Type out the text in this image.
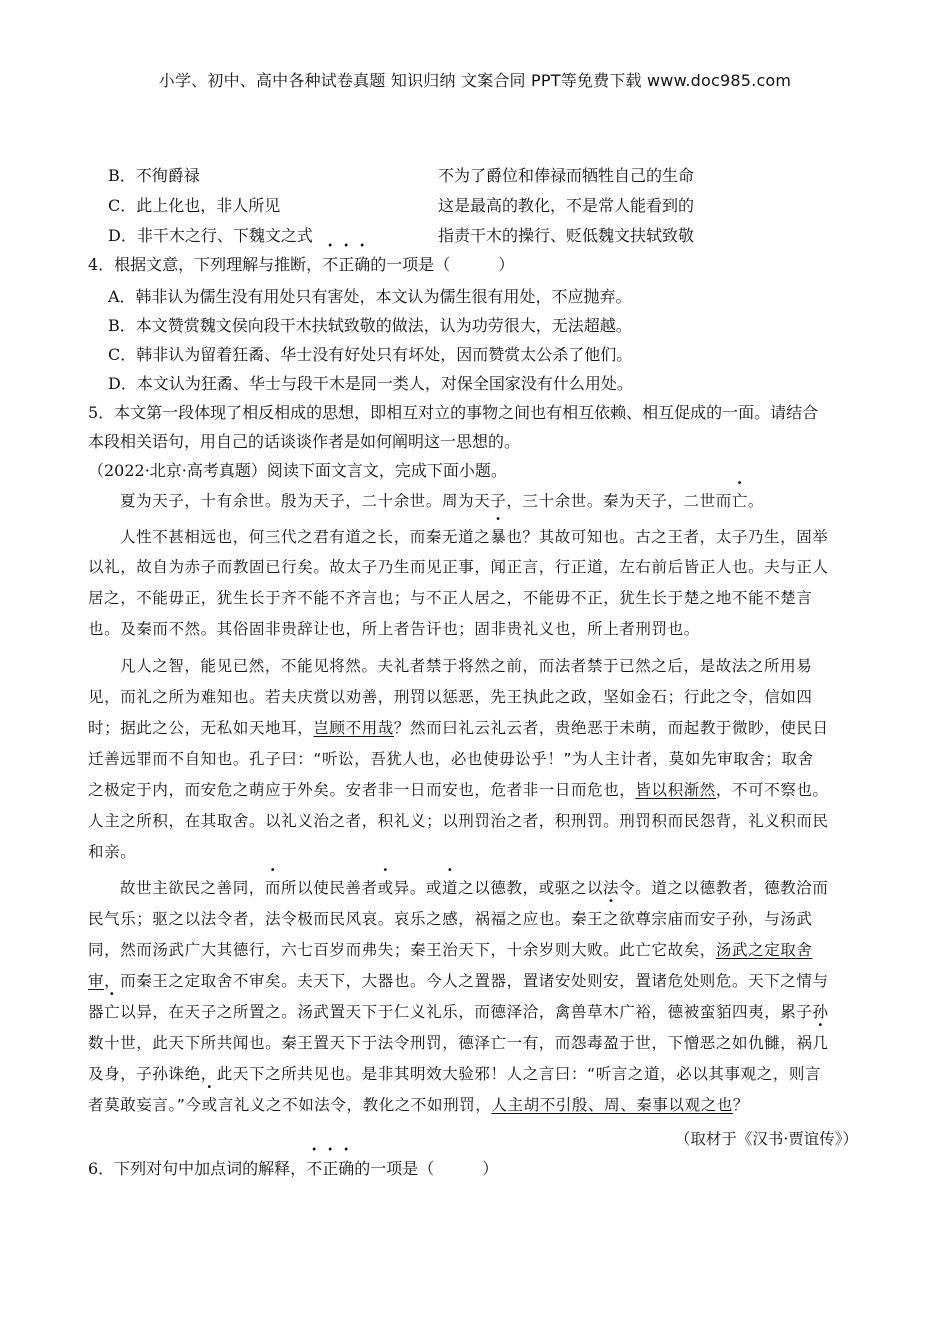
小学、初中、高中各种试卷真题 知识归纳 文案合同 PPT等免费下载 www.doc985.com
B．不徇爵禄	不为了爵位和俸禄而牺牲自己的生命
C．此上化也，非人所见	这是最高的教化，不是常人能看到的
D．非干木之行、下魏文之式	指责干木的操行、贬低魏文扶轼致敬
4．根据文意，下列理解与推断，不正确的一项是（　　　）
A．韩非认为儒生没有用处只有害处，本文认为儒生很有用处，不应抛弃。
B．本文赞赏魏文侯向段干木扶轼致敬的做法，认为功劳很大，无法超越。
C．韩非认为留着狂矞、华士没有好处只有坏处，因而赞赏太公杀了他们。
D．本文认为狂矞、华士与段干木是同一类人，对保全国家没有什么用处。
5．本文第一段体现了相反相成的思想，即相互对立的事物之间也有相互依赖、相互促成的一面。请结合
本段相关语句，用自己的话谈谈作者是如何阐明这一思想的。
（2022·北京·高考真题）阅读下面文言文，完成下面小题。
夏为天子，十有余世。殷为天子，二十余世。周为天子，三十余世。秦为天子，二世而亡。
人性不甚相远也，何三代之君有道之长，而秦无道之暴也？其故可知也。古之王者，太子乃生，固举
以礼，故自为赤子而教固已行矣。故太子乃生而见正事，闻正言，行正道，左右前后皆正人也。夫与正人
居之，不能毋正，犹生长于齐不能不齐言也；与不正人居之，不能毋不正，犹生长于楚之地不能不楚言
也。及秦而不然。其俗固非贵辞让也，所上者告讦也；固非贵礼义也，所上者刑罚也。
凡人之智，能见已然，不能见将然。夫礼者禁于将然之前，而法者禁于已然之后，是故法之所用易
见，而礼之所为难知也。若夫庆赏以劝善，刑罚以惩恶，先王执此之政，坚如金石；行此之令，信如四
时；据此之公，无私如天地耳，岂顾不用哉？然而曰礼云礼云者，贵绝恶于未萌，而起教于微眇，使民日
迁善远罪而不自知也。孔子曰：“听讼，吾犹人也，必也使毋讼乎！”为人主计者，莫如先审取舍；取舍
之极定于内，而安危之萌应于外矣。安者非一日而安也，危者非一日而危也，皆以积渐然，不可不察也。
人主之所积，在其取舍。以礼义治之者，积礼义；以刑罚治之者，积刑罚。刑罚积而民怨背，礼义积而民
和亲。
故世主欲民之善同，而所以使民善者或异。或道之以德教，或驱之以法令。道之以德教者，德教洽而
民气乐；驱之以法令者，法令极而民风哀。哀乐之感，祸福之应也。秦王之欲尊宗庙而安子孙，与汤武
同，然而汤武广大其德行，六七百岁而弗失；秦王治天下，十余岁则大败。此亡它故矣，汤武之定取舍
审，而秦王之定取舍不审矣。夫天下，大器也。今人之置器，置诸安处则安，置诸危处则危。天下之情与
器亡以异，在天子之所置之。汤武置天下于仁义礼乐，而德泽洽，禽兽草木广裕，德被蛮貊四夷，累子孙
数十世，此天下所共闻也。秦王置天下于法令刑罚，德泽亡一有，而怨毒盈于世，下憎恶之如仇雠，祸几
及身，子孙诛绝，此天下之所共见也。是非其明效大验邪！人之言曰：“听言之道，必以其事观之，则言
者莫敢妄言。”今或言礼义之不如法令，教化之不如刑罚，人主胡不引殷、周、秦事以观之也？
（取材于《汉书·贾谊传》）
6．下列对句中加点词的解释，不正确的一项是（　　　）
